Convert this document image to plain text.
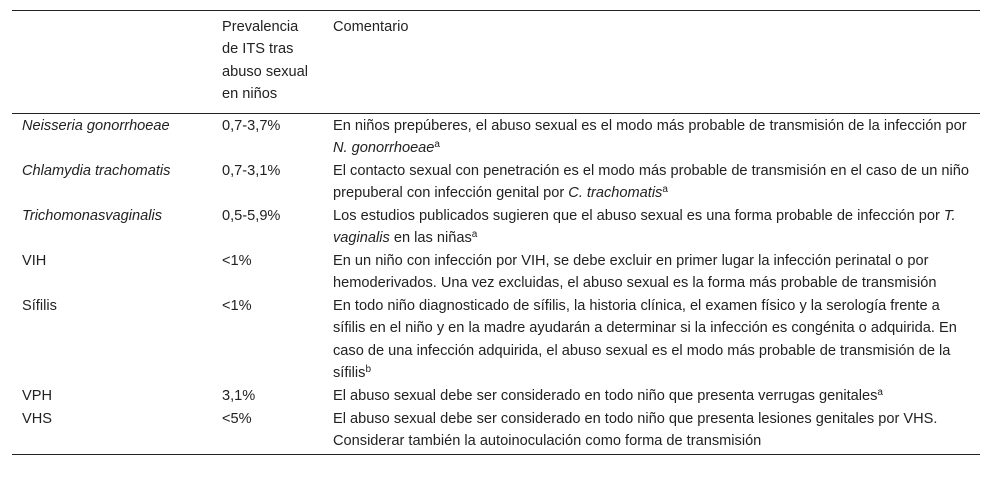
	Prevalencia de ITS tras abuso sexual en niños	Comentario
Neisseria gonorrhoeae	0,7-3,7%	En niños prepúberes, el abuso sexual es el modo más probable de transmisión de la infección por N. gonorrhoeae$^a$
Chlamydia trachomatis	0,7-3,1%	El contacto sexual con penetración es el modo más probable de transmisión en el caso de un niño prepuberal con infección genital por C. trachomatis$^a$
Trichomonasvaginalis	0,5-5,9%	Los estudios publicados sugieren que el abuso sexual es una forma probable de infección por T. vaginalis en las niñas$^a$
VIH	<1%	En un niño con infección por VIH, se debe excluir en primer lugar la infección perinatal o por hemoderivados. Una vez excluidas, el abuso sexual es la forma más probable de transmisión
Sífilis	<1%	En todo niño diagnosticado de sífilis, la historia clínica, el examen físico y la serología frente a sífilis en el niño y en la madre ayudarán a determinar si la infección es congénita o adquirida. En caso de una infección adquirida, el abuso sexual es el modo más probable de transmisión de la sífilis$^b$
VPH	3,1%	El abuso sexual debe ser considerado en todo niño que presenta verrugas genitales$^a$
VHS	<5%	El abuso sexual debe ser considerado en todo niño que presenta lesiones genitales por VHS. Considerar también la autoinoculación como forma de transmisión
